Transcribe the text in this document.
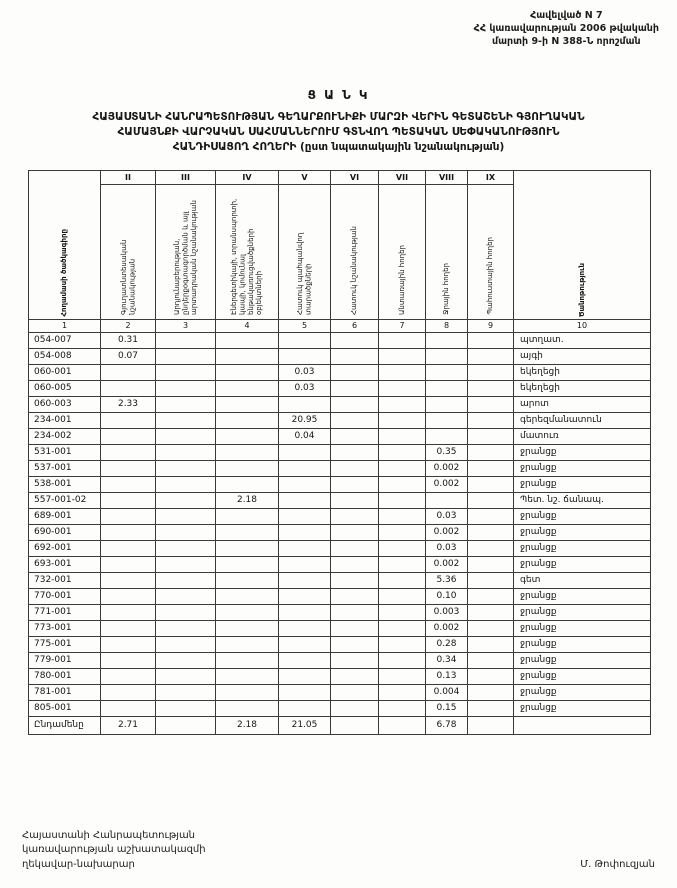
Հավելված N 7
ՀՀ կառավարության 2006 թվականի
մարտի 9-ի N 388-Ն որոշման
Ց Ա Ն Կ
ՀԱՅԱՍՏԱՆԻ ՀԱՆՐԱՊԵՏՈՒԹՅԱՆ ԳԵՂԱՐՔՈՒՆԻՔԻ ՄԱՐԶԻ ՎԵՐԻՆ ԳԵՏԱՇԵՆԻ ԳՅՈՒՂԱԿԱՆ
ՀԱՄԱՅՆՔԻ ՎԱՐՉԱԿԱՆ ՍԱՀՄԱՆՆԵՐՈՒՄ ԳՏՆՎՈՂ ՊԵՏԱԿԱՆ ՍԵՓԱԿԱՆՈՒԹՅՈՒՆ
ՀԱՆԴԻՍԱՑՈՂ ՀՈՂԵՐԻ (ըստ նպատակային նշանակության)
Հողամասի ծածկագիրը	II	III	IV	V	VI	VII	VIII	IX	Ծանոթություն
	Գյուղատնտեսական նշանակության	Արդյունաբերության, ընդերքօգտագործման և այլ արտադրական նշանակության	Էներգետիկայի, տրանսպորտի, կապի, կոմունալ ենթակառուցվածքների օբյեկտների	Հատուկ պահպանվող տարածքների	Հատուկ նշանակության	Անտառային հողեր	Ջրային հողեր	Պահուստային հողեր	
1	2	3	4	5	6	7	8	9	10
054-007	0.31								պտղատ.
054-008	0.07								այգի
060-001				0.03					եկեղեցի
060-005				0.03					եկեղեցի
060-003	2.33								արոտ
234-001				20.95					գերեզմանատուն
234-002				0.04					մատուռ
531-001							0.35		ջրանցք
537-001							0.002		ջրանցք
538-001							0.002		ջրանցք
557-001-02			2.18						Պետ. նշ. ճանապ.
689-001							0.03		ջրանցք
690-001							0.002		ջրանցք
692-001							0.03		ջրանցք
693-001							0.002		ջրանցք
732-001							5.36		գետ
770-001							0.10		ջրանցք
771-001							0.003		ջրանցք
773-001							0.002		ջրանցք
775-001							0.28		ջրանցք
779-001							0.34		ջրանցք
780-001							0.13		ջրանցք
781-001							0.004		ջրանցք
805-001							0.15		ջրանցք
Ընդամենը	2.71		2.18	21.05			6.78		
Հայաստանի Հանրապետության
կառավարության աշխատակազմի
ղեկավար-նախարար	Մ. Թոփուզյան
